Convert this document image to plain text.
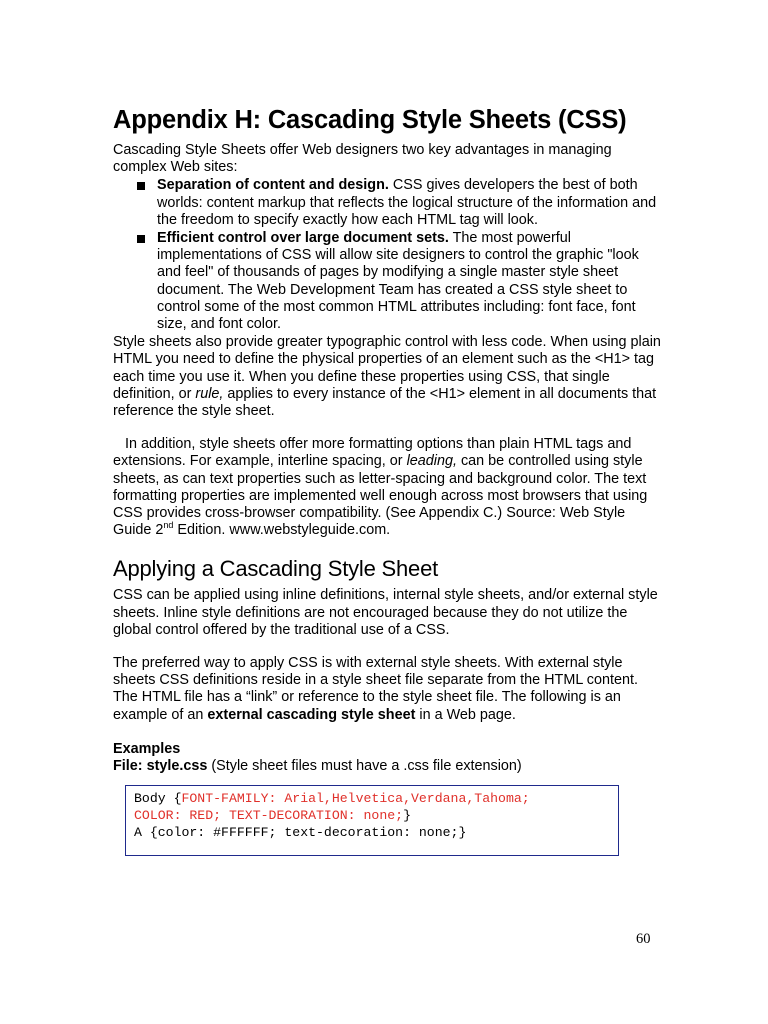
Appendix H: Cascading Style Sheets (CSS)

Cascading Style Sheets offer Web designers two key advantages in managing complex Web sites:

Separation of content and design. CSS gives developers the best of both worlds: content markup that reflects the logical structure of the information and the freedom to specify exactly how each HTML tag will look.
Efficient control over large document sets. The most powerful implementations of CSS will allow site designers to control the graphic "look and feel" of thousands of pages by modifying a single master style sheet document. The Web Development Team has created a CSS style sheet to control some of the most common HTML attributes including: font face, font size, and font color.

Style sheets also provide greater typographic control with less code. When using plain HTML you need to define the physical properties of an element such as the <H1> tag each time you use it. When you define these properties using CSS, that single definition, or rule, applies to every instance of the <H1> element in all documents that reference the style sheet.

In addition, style sheets offer more formatting options than plain HTML tags and extensions. For example, interline spacing, or leading, can be controlled using style sheets, as can text properties such as letter-spacing and background color. The text formatting properties are implemented well enough across most browsers that using CSS provides cross-browser compatibility. (See Appendix C.) Source: Web Style Guide 2nd Edition. www.webstyleguide.com.

Applying a Cascading Style Sheet

CSS can be applied using inline definitions, internal style sheets, and/or external style sheets. Inline style definitions are not encouraged because they do not utilize the global control offered by the traditional use of a CSS.

The preferred way to apply CSS is with external style sheets. With external style sheets CSS definitions reside in a style sheet file separate from the HTML content. The HTML file has a “link” or reference to the style sheet file. The following is an example of an external cascading style sheet in a Web page.

Examples

File: style.css (Style sheet files must have a .css file extension)

Body {FONT-FAMILY: Arial,Helvetica,Verdana,Tahoma;
COLOR: RED; TEXT-DECORATION: none;}
A {color: #FFFFFF; text-decoration: none;}
60
